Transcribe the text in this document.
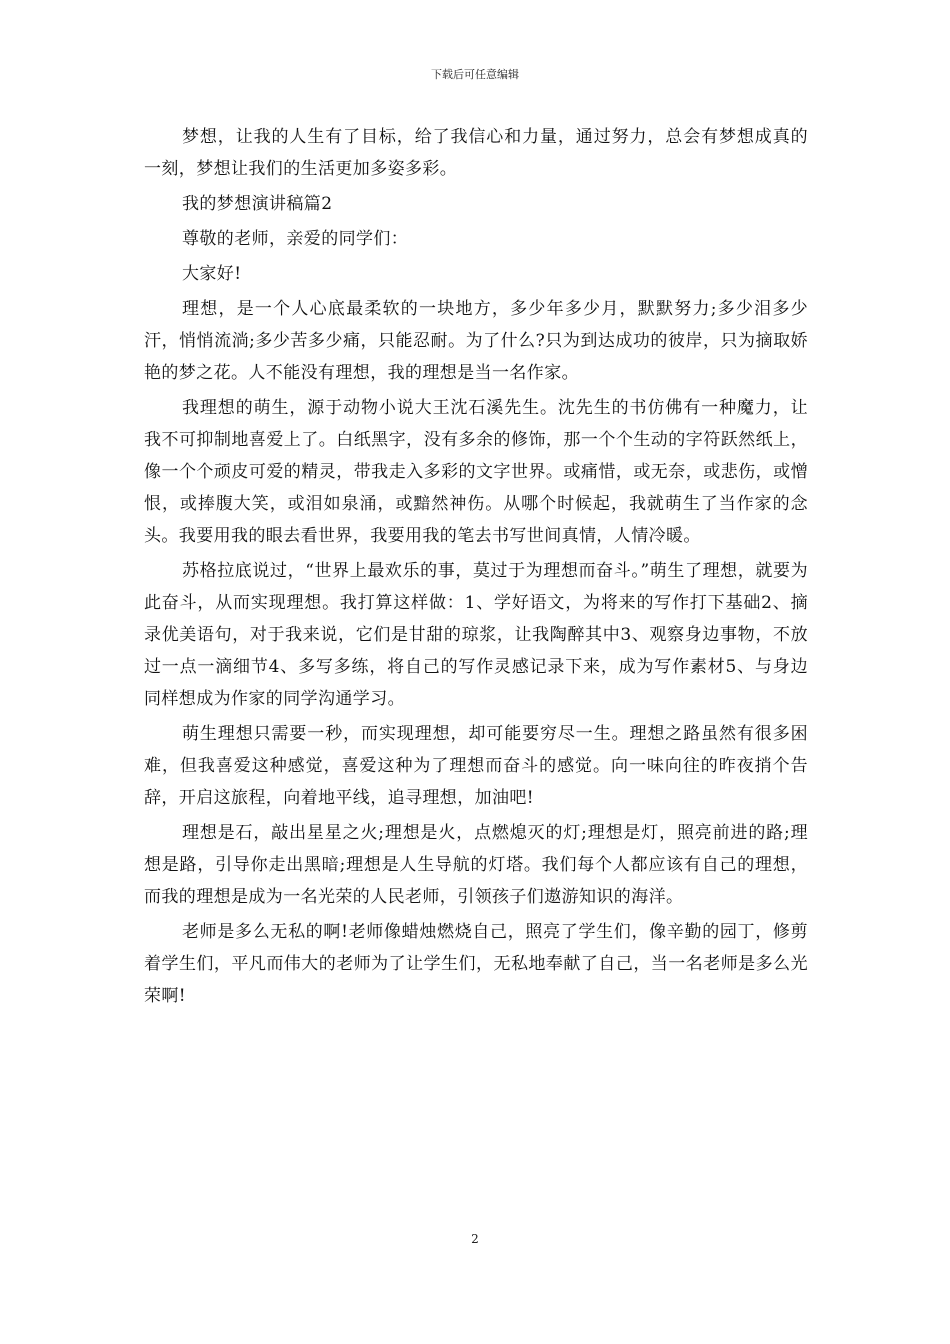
下载后可任意编辑

梦想，让我的人生有了目标，给了我信心和力量，通过努力，总会有梦想成真的一刻，梦想让我们的生活更加多姿多彩。

我的梦想演讲稿篇2

尊敬的老师，亲爱的同学们：

大家好!

理想，是一个人心底最柔软的一块地方，多少年多少月，默默努力;多少泪多少汗，悄悄流淌;多少苦多少痛，只能忍耐。为了什么?只为到达成功的彼岸，只为摘取娇艳的梦之花。人不能没有理想，我的理想是当一名作家。

我理想的萌生，源于动物小说大王沈石溪先生。沈先生的书仿佛有一种魔力，让我不可抑制地喜爱上了。白纸黑字，没有多余的修饰，那一个个生动的字符跃然纸上，像一个个顽皮可爱的精灵，带我走入多彩的文字世界。或痛惜，或无奈，或悲伤，或憎恨，或捧腹大笑，或泪如泉涌，或黯然神伤。从哪个时候起，我就萌生了当作家的念头。我要用我的眼去看世界，我要用我的笔去书写世间真情，人情冷暖。

苏格拉底说过，“世界上最欢乐的事，莫过于为理想而奋斗。”萌生了理想，就要为此奋斗，从而实现理想。我打算这样做：1、学好语文，为将来的写作打下基础2、摘录优美语句，对于我来说，它们是甘甜的琼浆，让我陶醉其中3、观察身边事物，不放过一点一滴细节4、多写多练，将自己的写作灵感记录下来，成为写作素材5、与身边同样想成为作家的同学沟通学习。

萌生理想只需要一秒，而实现理想，却可能要穷尽一生。理想之路虽然有很多困难，但我喜爱这种感觉，喜爱这种为了理想而奋斗的感觉。向一味向往的昨夜捎个告辞，开启这旅程，向着地平线，追寻理想，加油吧!

理想是石，敲出星星之火;理想是火，点燃熄灭的灯;理想是灯，照亮前进的路;理想是路，引导你走出黑暗;理想是人生导航的灯塔。我们每个人都应该有自己的理想，而我的理想是成为一名光荣的人民老师，引领孩子们遨游知识的海洋。

老师是多么无私的啊!老师像蜡烛燃烧自己，照亮了学生们，像辛勤的园丁，修剪着学生们，平凡而伟大的老师为了让学生们，无私地奉献了自己，当一名老师是多么光荣啊!

2
